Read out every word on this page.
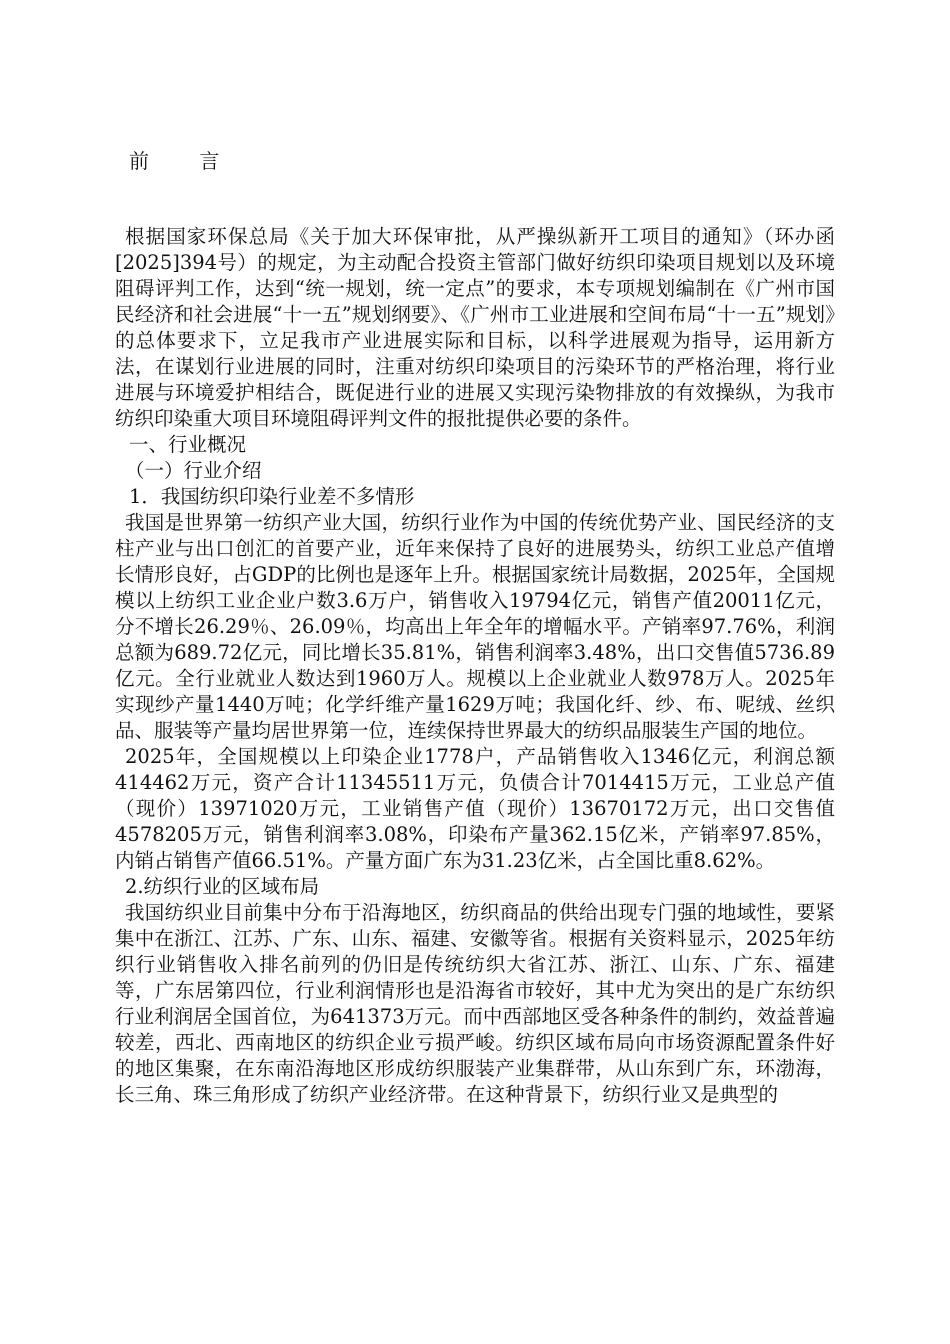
前 言

根据国家环保总局《关于加大环保审批，从严操纵新开工项目的通知》（环办函[2025]394号）的规定，为主动配合投资主管部门做好纺织印染项目规划以及环境阻碍评判工作，达到“统一规划，统一定点”的要求，本专项规划编制在《广州市国民经济和社会进展“十一五”规划纲要》、《广州市工业进展和空间布局“十一五”规划》的总体要求下，立足我市产业进展实际和目标，以科学进展观为指导，运用新方法，在谋划行业进展的同时，注重对纺织印染项目的污染环节的严格治理，将行业进展与环境爱护相结合，既促进行业的进展又实现污染物排放的有效操纵，为我市纺织印染重大项目环境阻碍评判文件的报批提供必要的条件。

一、行业概况

（一）行业介绍

1．我国纺织印染行业差不多情形

我国是世界第一纺织产业大国，纺织行业作为中国的传统优势产业、国民经济的支柱产业与出口创汇的首要产业，近年来保持了良好的进展势头，纺织工业总产值增长情形良好，占GDP的比例也是逐年上升。根据国家统计局数据，2025年，全国规模以上纺织工业企业户数3.6万户，销售收入19794亿元，销售产值20011亿元，分不增长26.29％、26.09％，均高出上年全年的增幅水平。产销率97.76%，利润总额为689.72亿元，同比增长35.81%，销售利润率3.48%，出口交售值5736.89亿元。全行业就业人数达到1960万人。规模以上企业就业人数978万人。2025年实现纱产量1440万吨；化学纤维产量1629万吨；我国化纤、纱、布、呢绒、丝织品、服装等产量均居世界第一位，连续保持世界最大的纺织品服装生产国的地位。

2025年，全国规模以上印染企业1778户，产品销售收入1346亿元，利润总额414462万元，资产合计11345511万元，负债合计7014415万元，工业总产值（现价）13971020万元，工业销售产值（现价）13670172万元，出口交售值4578205万元，销售利润率3.08%，印染布产量362.15亿米，产销率97.85%，内销占销售产值66.51%。产量方面广东为31.23亿米，占全国比重8.62%。

2.纺织行业的区域布局

我国纺织业目前集中分布于沿海地区，纺织商品的供给出现专门强的地域性，要紧集中在浙江、江苏、广东、山东、福建、安徽等省。根据有关资料显示，2025年纺织行业销售收入排名前列的仍旧是传统纺织大省江苏、浙江、山东、广东、福建等，广东居第四位，行业利润情形也是沿海省市较好，其中尤为突出的是广东纺织行业利润居全国首位，为641373万元。而中西部地区受各种条件的制约，效益普遍较差，西北、西南地区的纺织企业亏损严峻。纺织区域布局向市场资源配置条件好的地区集聚，在东南沿海地区形成纺织服装产业集群带，从山东到广东，环渤海，长三角、珠三角形成了纺织产业经济带。在这种背景下，纺织行业又是典型的
